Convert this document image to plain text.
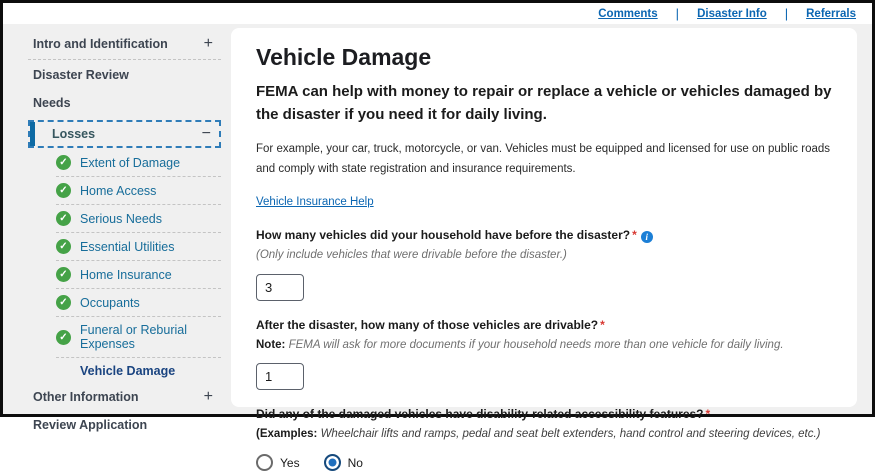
Comments | Disaster Info | Referrals
Intro and Identification +
Disaster Review
Needs
Losses	−
✓ Extent of Damage
✓ Home Access
✓ Serious Needs
✓ Essential Utilities
✓ Home Insurance
✓ Occupants
✓ Funeral or Reburial Expenses
Vehicle Damage
Other Information	+
Review Application
Vehicle Damage

FEMA can help with money to repair or replace a vehicle or vehicles damaged by the disaster if you need it for daily living.

For example, your car, truck, motorcycle, or van. Vehicles must be equipped and licensed for use on public roads and comply with state registration and insurance requirements.

Vehicle Insurance Help
How many vehicles did your household have before the disaster? * i
(Only include vehicles that were drivable before the disaster.)
3
After the disaster, how many of those vehicles are drivable? *
Note: FEMA will ask for more documents if your household needs more than one vehicle for daily living.
1
Did any of the damaged vehicles have disability-related accessibility features? *
(Examples: Wheelchair lifts and ramps, pedal and seat belt extenders, hand control and steering devices, etc.)
Yes	No
